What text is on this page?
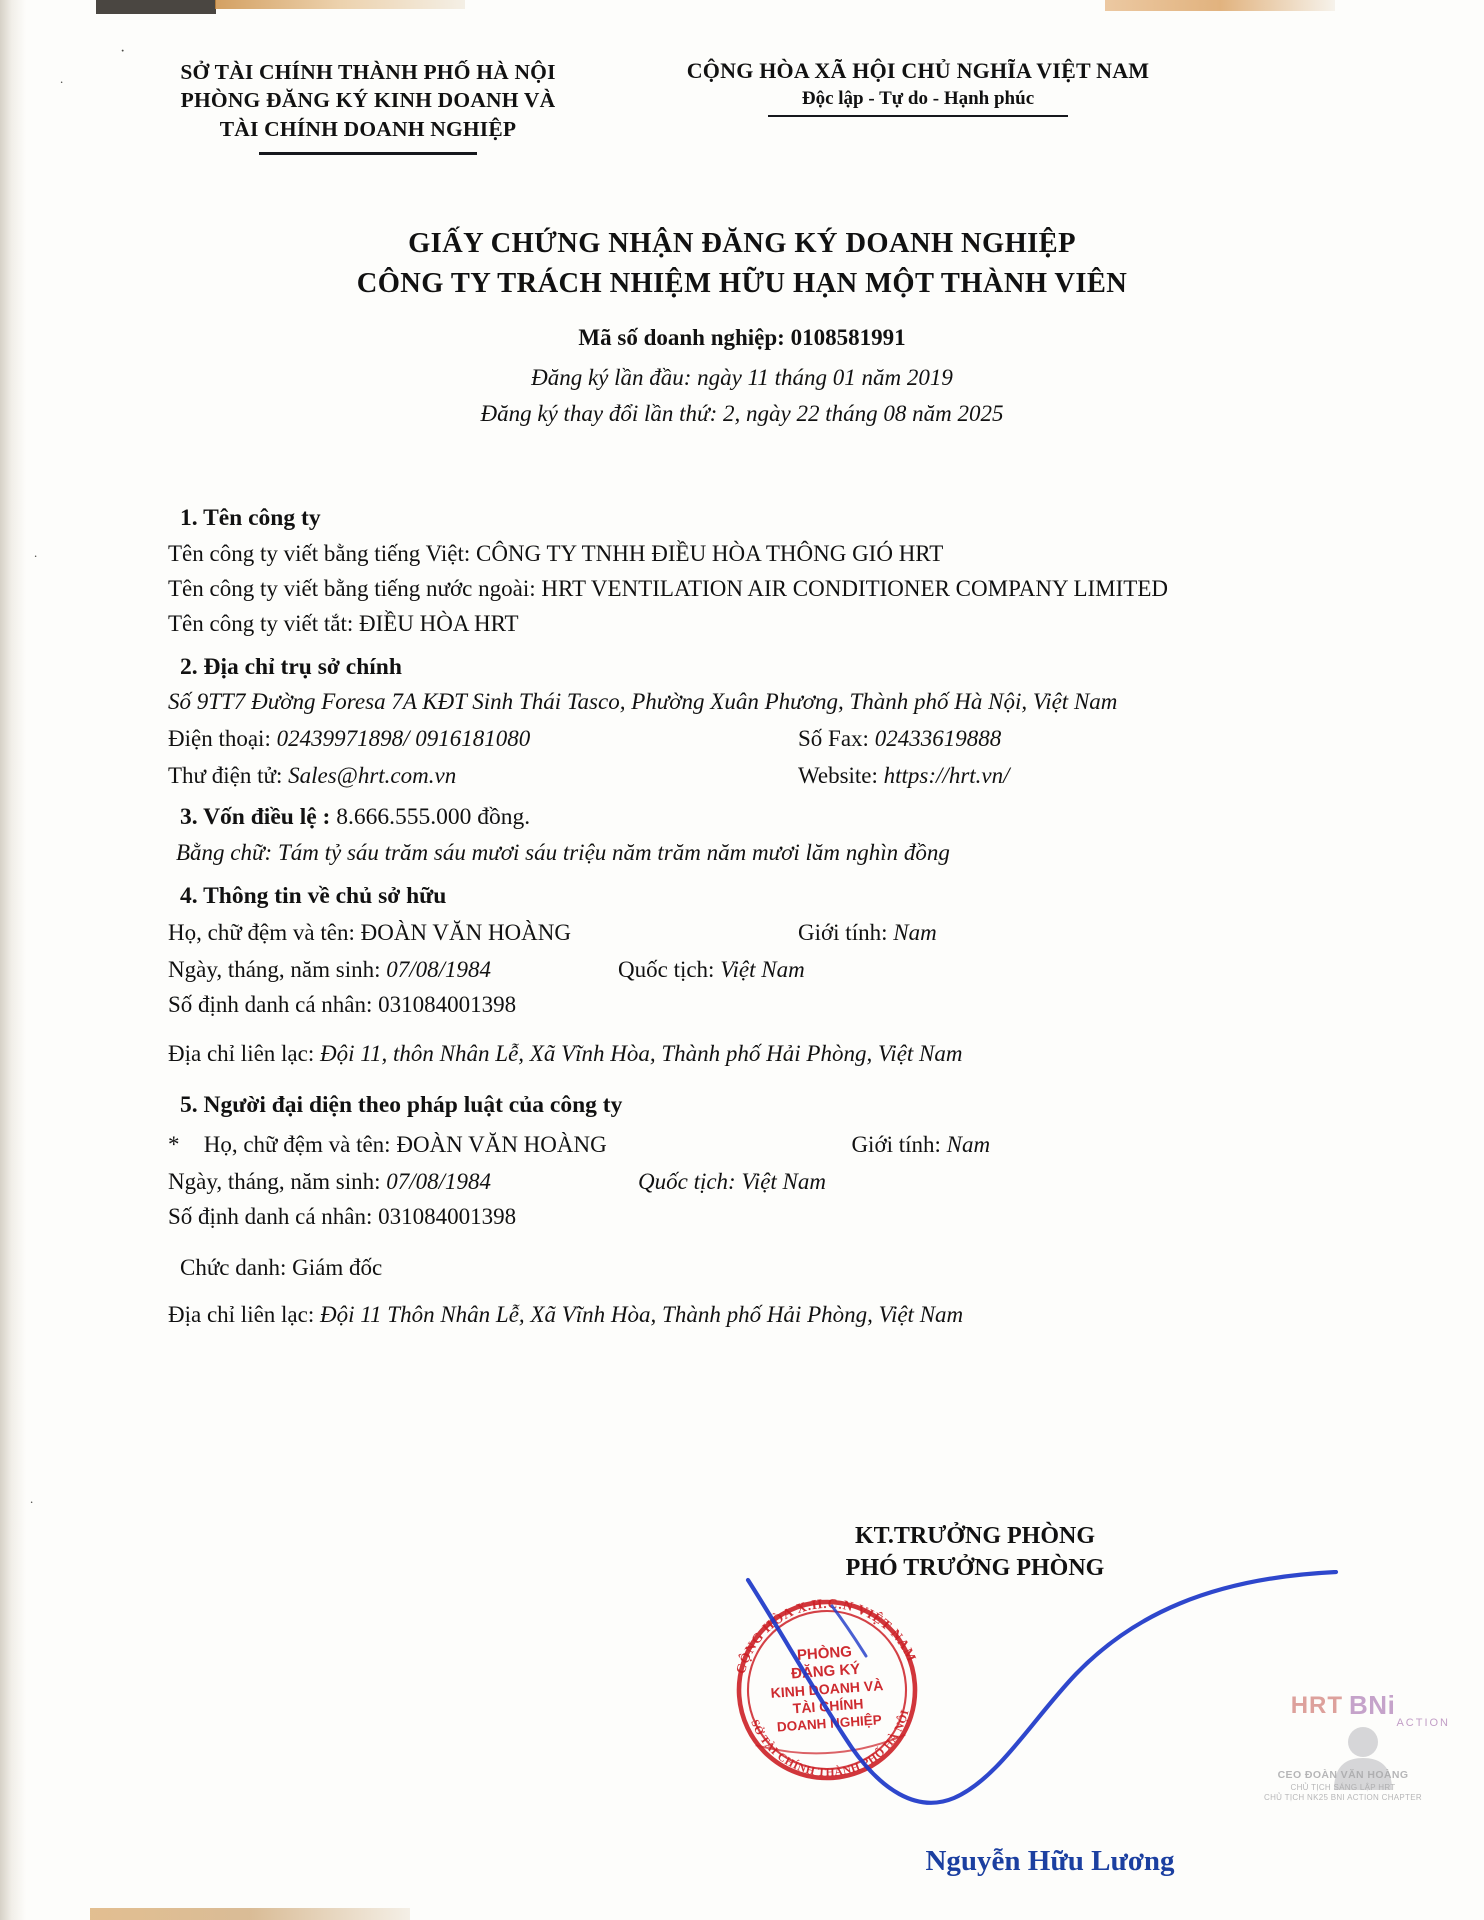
.
.
.
·
SỞ TÀI CHÍNH THÀNH PHỐ HÀ NỘI
PHÒNG ĐĂNG KÝ KINH DOANH VÀ
TÀI CHÍNH DOANH NGHIỆP
CỘNG HÒA XÃ HỘI CHỦ NGHĨA VIỆT NAM
Độc lập - Tự do - Hạnh phúc
GIẤY CHỨNG NHẬN ĐĂNG KÝ DOANH NGHIỆP
CÔNG TY TRÁCH NHIỆM HỮU HẠN MỘT THÀNH VIÊN
Mã số doanh nghiệp: 0108581991
Đăng ký lần đầu: ngày 11 tháng 01 năm 2019
Đăng ký thay đổi lần thứ: 2, ngày 22 tháng 08 năm 2025
1. Tên công ty
Tên công ty viết bằng tiếng Việt: CÔNG TY TNHH ĐIỀU HÒA THÔNG GIÓ HRT
Tên công ty viết bằng tiếng nước ngoài: HRT VENTILATION AIR CONDITIONER COMPANY LIMITED
Tên công ty viết tắt: ĐIỀU HÒA HRT
2. Địa chỉ trụ sở chính
Số 9TT7 Đường Foresa 7A KĐT Sinh Thái Tasco, Phường Xuân Phương, Thành phố Hà Nội, Việt Nam
Điện thoại: 02439971898/ 0916181080	Số Fax: 02433619888
Thư điện tử: Sales@hrt.com.vn	Website: https://hrt.vn/
3. Vốn điều lệ : 8.666.555.000 đồng.
Bằng chữ: Tám tỷ sáu trăm sáu mươi sáu triệu năm trăm năm mươi lăm nghìn đồng
4. Thông tin về chủ sở hữu
Họ, chữ đệm và tên: ĐOÀN VĂN HOÀNG	Giới tính: Nam
Ngày, tháng, năm sinh: 07/08/1984	Quốc tịch: Việt Nam
Số định danh cá nhân: 031084001398
Địa chỉ liên lạc: Đội 11, thôn Nhân Lễ, Xã Vĩnh Hòa, Thành phố Hải Phòng, Việt Nam
5. Người đại diện theo pháp luật của công ty
*	Họ, chữ đệm và tên: ĐOÀN VĂN HOÀNG	Giới tính: Nam
Ngày, tháng, năm sinh: 07/08/1984	Quốc tịch: Việt Nam
Số định danh cá nhân: 031084001398
Chức danh: Giám đốc
Địa chỉ liên lạc: Đội 11 Thôn Nhân Lễ, Xã Vĩnh Hòa, Thành phố Hải Phòng, Việt Nam
KT.TRƯỞNG PHÒNG
PHÓ TRƯỞNG PHÒNG
CỘNG HÒA X.H.C.N VIỆT NAM
SỞ TÀI CHÍNH THÀNH PHỐ HÀ NỘI
PHÒNG
ĐĂNG KÝ
KINH DOANH VÀ
TÀI CHÍNH
DOANH NGHIỆP
HRT BNi
ACTION
CEO ĐOÀN VĂN HOÀNG
CHỦ TỊCH SÁNG LẬP HRT
CHỦ TỊCH NK25 BNI ACTION CHAPTER
Nguyễn Hữu Lương
